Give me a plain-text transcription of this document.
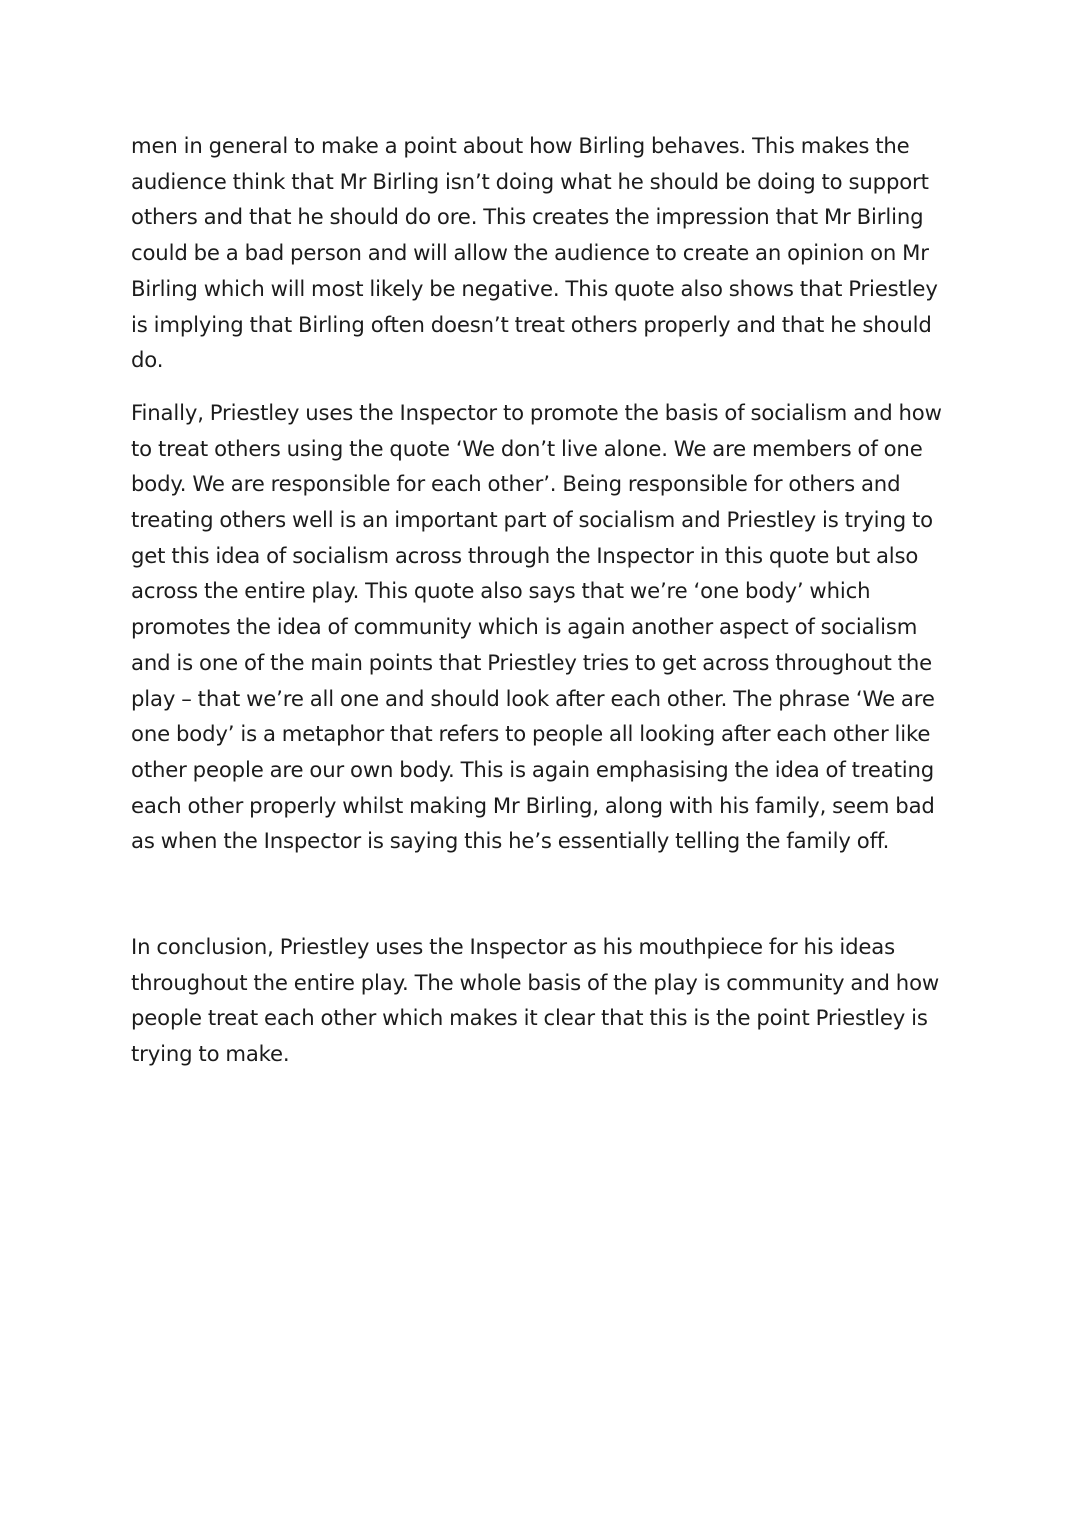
men in general to make a point about how Birling behaves. This makes the audience think that Mr Birling isn’t doing what he should be doing to support others and that he should do ore. This creates the impression that Mr Birling could be a bad person and will allow the audience to create an opinion on Mr Birling which will most likely be negative. This quote also shows that Priestley is implying that Birling often doesn’t treat others properly and that he should do.

Finally, Priestley uses the Inspector to promote the basis of socialism and how to treat others using the quote ‘We don’t live alone. We are members of one body. We are responsible for each other’. Being responsible for others and treating others well is an important part of socialism and Priestley is trying to get this idea of socialism across through the Inspector in this quote but also across the entire play. This quote also says that we’re ‘one body’ which promotes the idea of community which is again another aspect of socialism and is one of the main points that Priestley tries to get across throughout the play – that we’re all one and should look after each other. The phrase ‘We are one body’ is a metaphor that refers to people all looking after each other like other people are our own body. This is again emphasising the idea of treating each other properly whilst making Mr Birling, along with his family, seem bad as when the Inspector is saying this he’s essentially telling the family off.

In conclusion, Priestley uses the Inspector as his mouthpiece for his ideas throughout the entire play. The whole basis of the play is community and how people treat each other which makes it clear that this is the point Priestley is trying to make.
